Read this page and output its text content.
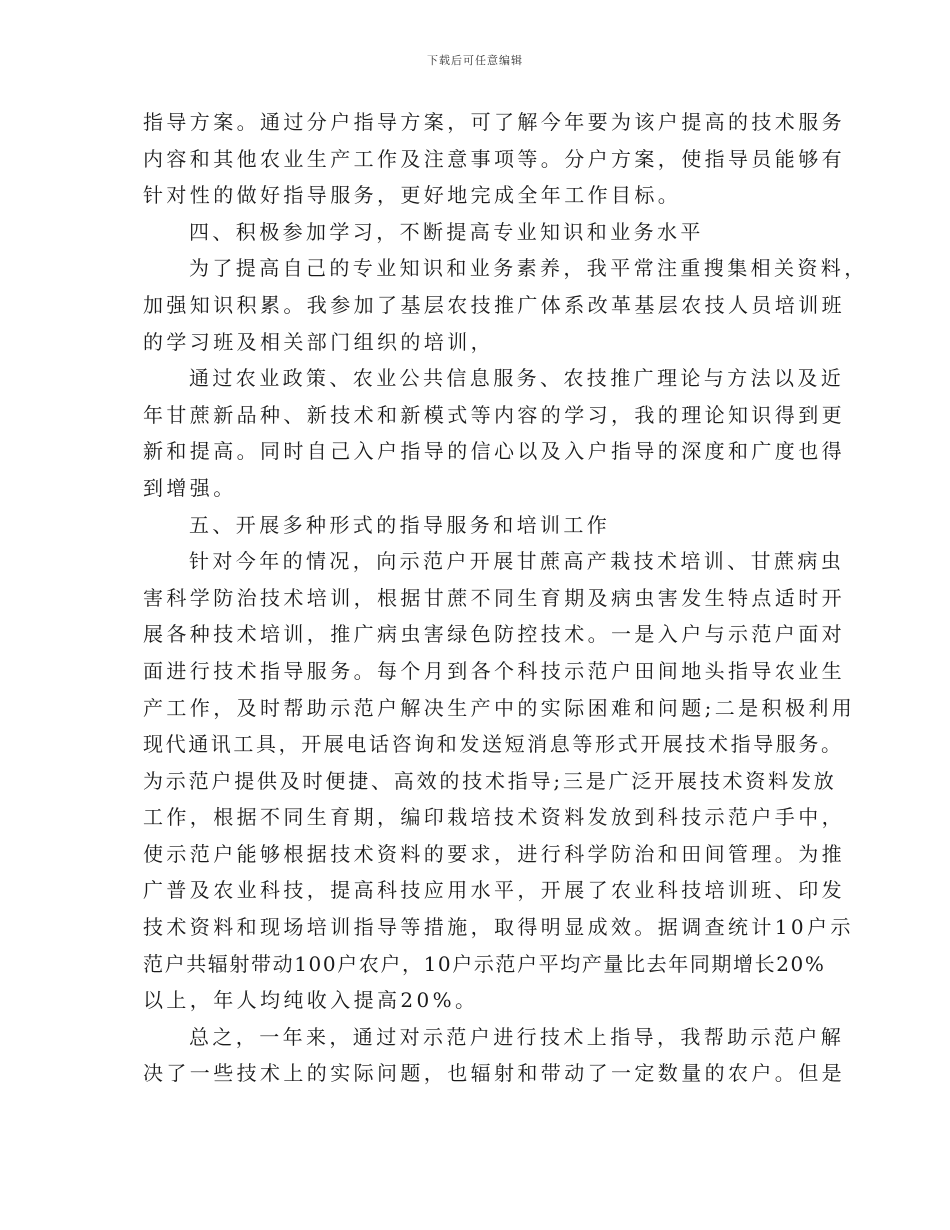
下载后可任意编辑

指导方案。通过分户指导方案，可了解今年要为该户提高的技术服务
内容和其他农业生产工作及注意事项等。分户方案，使指导员能够有
针对性的做好指导服务，更好地完成全年工作目标。

四、积极参加学习，不断提高专业知识和业务水平

为了提高自己的专业知识和业务素养，我平常注重搜集相关资料，
加强知识积累。我参加了基层农技推广体系改革基层农技人员培训班
的学习班及相关部门组织的培训，

通过农业政策、农业公共信息服务、农技推广理论与方法以及近
年甘蔗新品种、新技术和新模式等内容的学习，我的理论知识得到更
新和提高。同时自己入户指导的信心以及入户指导的深度和广度也得
到增强。

五、开展多种形式的指导服务和培训工作

针对今年的情况，向示范户开展甘蔗高产栽技术培训、甘蔗病虫
害科学防治技术培训，根据甘蔗不同生育期及病虫害发生特点适时开
展各种技术培训，推广病虫害绿色防控技术。一是入户与示范户面对
面进行技术指导服务。每个月到各个科技示范户田间地头指导农业生
产工作，及时帮助示范户解决生产中的实际困难和问题;二是积极利用
现代通讯工具，开展电话咨询和发送短消息等形式开展技术指导服务。
为示范户提供及时便捷、高效的技术指导;三是广泛开展技术资料发放
工作，根据不同生育期，编印栽培技术资料发放到科技示范户手中，
使示范户能够根据技术资料的要求，进行科学防治和田间管理。为推
广普及农业科技，提高科技应用水平，开展了农业科技培训班、印发
技术资料和现场培训指导等措施，取得明显成效。据调查统计10户示
范户共辐射带动100户农户，10户示范户平均产量比去年同期增长20%
以上，年人均纯收入提高20%。

总之，一年来，通过对示范户进行技术上指导，我帮助示范户解
决了一些技术上的实际问题，也辐射和带动了一定数量的农户。但是
